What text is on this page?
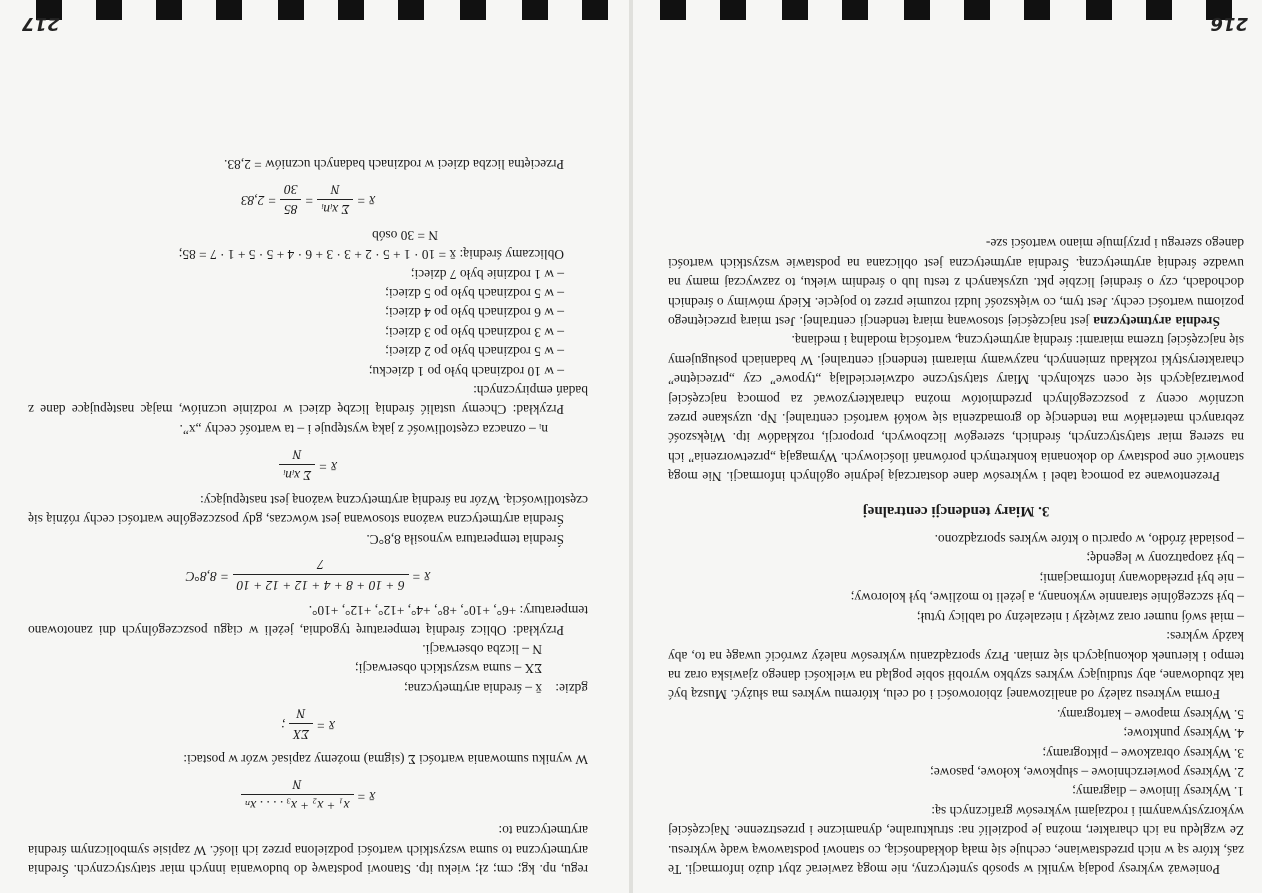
216

Ponieważ wykresy podają wyniki w sposób syntetyczny, nie mogą zawierać zbyt dużo informacji. Te zaś, które są w nich przedstawiane, cechuje się małą dokładnością, co stanowi podstawową wadę wykresu. Ze względu na ich charakter, można je podzielić na: strukturalne, dynamiczne i przestrzenne. Najczęściej wykorzystywanymi i rodzajami wykresów graficznych są:

1. Wykresy liniowe – diagramy;

2. Wykresy powierzchniowe – słupkowe, kołowe, pasowe;

3. Wykresy obrazkowe – piktogramy;

4. Wykresy punktowe;

5. Wykresy mapowe – kartogramy.

Forma wykresu zależy od analizowanej zbiorowości i od celu, któremu wykres ma służyć. Muszą być tak zbudowane, aby studiujący wykres szybko wyrobił sobie pogląd na wielkości danego zjawiska oraz na tempo i kierunek dokonujących się zmian. Przy sporządzaniu wykresów należy zwrócić uwagę na to, aby każdy wykres:

– miał swój numer oraz zwięzły i niezależny od tablicy tytuł;

– był szczególnie starannie wykonany, a jeżeli to możliwe, był kolorowy;

– nie był przeładowany informacjami;

– był zaopatrzony w legendę;

– posiadał źródło, w oparciu o które wykres sporządzono.

3. Miary tendencji centralnej

Prezentowane za pomocą tabel i wykresów dane dostarczają jedynie ogólnych informacji. Nie mogą stanowić one podstawy do dokonania konkretnych porównań ilościowych. Wymagają „przetworzenia” ich na szereg miar statystycznych, średnich, szeregów liczbowych, proporcji, rozkładów itp. Większość zebranych materiałów ma tendencję do gromadzenia się wokół wartości centralnej. Np. uzyskane przez uczniów oceny z poszczególnych przedmiotów można charakteryzować za pomocą najczęściej powtarzających się ocen szkolnych. Miary statystyczne odzwierciedlają „typowe” czy „przeciętne” charakterystyki rozkładu zmiennych, nazywamy miarami tendencji centralnej. W badaniach posługujemy się najczęściej trzema miarami: średnią arytmetyczną, wartością modalną i medianą.

Średnia arytmetyczna jest najczęściej stosowaną miarą tendencji centralnej. Jest miarą przeciętnego poziomu wartości cechy. Jest tym, co większość ludzi rozumie przez to pojęcie. Kiedy mówimy o średnich dochodach, czy o średniej liczbie pkt. uzyskanych z testu lub o średnim wieku, to zazwyczaj mamy na uwadze średnią arytmetyczną. Średnia arytmetyczna jest obliczana na podstawie wszystkich wartości danego szeregu i przyjmuje miano wartości sze-

217

regu, np. kg; cm; zł; wieku itp. Stanowi podstawę do budowania innych miar statystycznych. Średnia arytmetyczna to suma wszystkich wartości podzielona przez ich ilość. W zapisie symbolicznym średnia arytmetyczna to:

x̄ =
x₁ + x₂ + x₃ . . . . xₙ
N

W wyniku sumowania wartości Σ (sigma) możemy zapisać wzór w postaci:

x̄ =
ΣX
N
;
gdzie:

x̄ – średnia arytmetyczna;

ΣX – suma wszystkich obserwacji;

N – liczba obserwacji.

Przykład: Oblicz średnią temperaturę tygodnia, jeżeli w ciągu poszczególnych dni zanotowano temperatury: +6°, +10°, +8°, +4°, +12°, +12°, +10°.

x̄ =
6 + 10 + 8 + 4 + 12 + 12 + 10
7
= 8,8°C

Średnia temperatura wynosiła 8,8°C.

Średnia arytmetyczna ważona stosowana jest wówczas, gdy poszczególne wartości cechy różnią się częstotliwością. Wzór na średnią arytmetyczną ważoną jest następujący:

x̄ =
Σ xᵢnᵢ
N

nᵢ – oznacza częstotliwość z jaką występuje i – ta wartość cechy „x”.

Przykład: Chcemy ustalić średnią liczbę dzieci w rodzinie uczniów, mając następujące dane z badań empirycznych:

– w 10 rodzinach było po 1 dziecku;

– w 5 rodzinach było po 2 dzieci;

– w 3 rodzinach było po 3 dzieci;

– w 6 rodzinach było po 4 dzieci;

– w 5 rodzinach było po 5 dzieci;

– w 1 rodzinie było 7 dzieci;

Obliczamy średnią: x̄ = 10 · 1 + 5 · 2 + 3 · 3 + 6 · 4 + 5 · 5 + 1 · 7 = 85;

N = 30 osób

x̄ =
Σ xᵢnᵢ
N
=
85
30
= 2,83

Przeciętna liczba dzieci w rodzinach badanych uczniów = 2,83.
